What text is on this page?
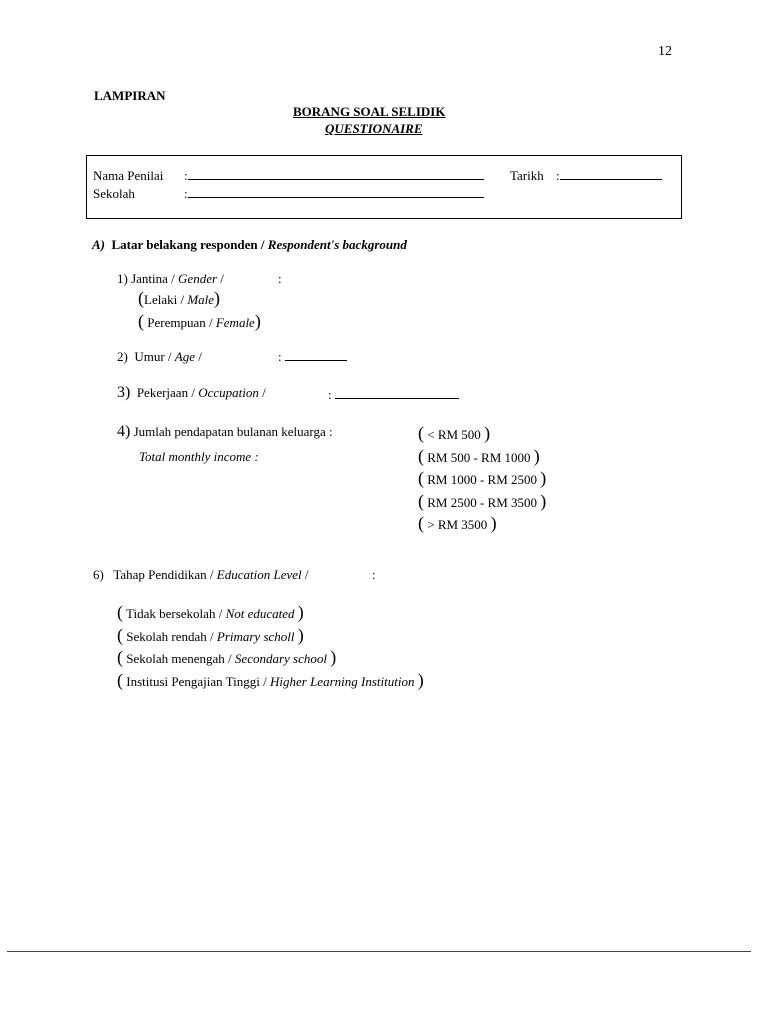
12
LAMPIRAN
BORANG SOAL SELIDIK
QUESTIONAIRE
Nama Penilai :	Tarikh :
Sekolah	:
A) Latar belakang responden / Respondent's background
1) Jantina / Gender /	:
(Lelaki / Male)
( Perempuan / Female)
2) Umur / Age /	:
3) Pekerjaan / Occupation /	:
4) Jumlah pendapatan bulanan keluarga :
Total monthly income :
( < RM 500 )
( RM 500 - RM 1000 )
( RM 1000 - RM 2500 )
( RM 2500 - RM 3500 )
( > RM 3500 )
6) Tahap Pendidikan / Education Level /	:
( Tidak bersekolah / Not educated )
( Sekolah rendah / Primary scholl )
( Sekolah menengah / Secondary school )
( Institusi Pengajian Tinggi / Higher Learning Institution )
